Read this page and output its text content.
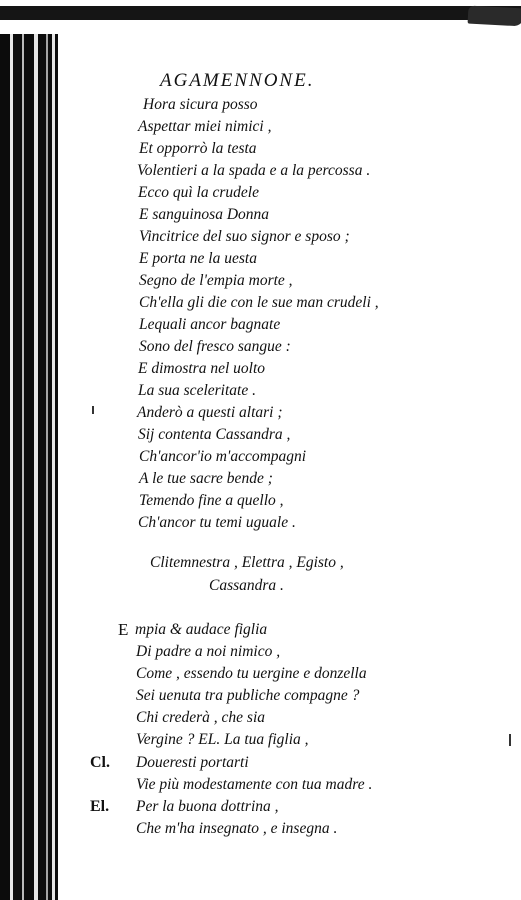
AGAMENNONE.
Hora sicura posso
Aspettar miei nimici ,
Et opporrò la testa
Volentieri a la spada e a la percossa .
Ecco quì la crudele
E sanguinosa Donna
Vincitrice del suo signor e sposo ;
E porta ne la uesta
Segno de l'empia morte ,
Ch'ella gli die con le sue man crudeli ,
Lequali ancor bagnate
Sono del fresco sangue :
E dimostra nel uolto
La sua sceleritate .
Anderò a questi altari ;
Sij contenta Cassandra ,
Ch'ancor'io m'accompagni
A le tue sacre bende ;
Temendo fine a quello ,
Ch'ancor tu temi uguale .
Clitemnestra , Elettra , Egisto ,
Cassandra .
E mpia & audace figlia
Di padre a noi nimico ,
Come , essendo tu uergine e donzella
Sei uenuta tra publiche compagne ?
Chi crederà , che sia
Vergine ? EL. La tua figlia ,
Cl. Doueresti portarti
Vie più modestamente con tua madre .
El. Per la buona dottrina ,
Che m'ha insegnato , e insegna .
